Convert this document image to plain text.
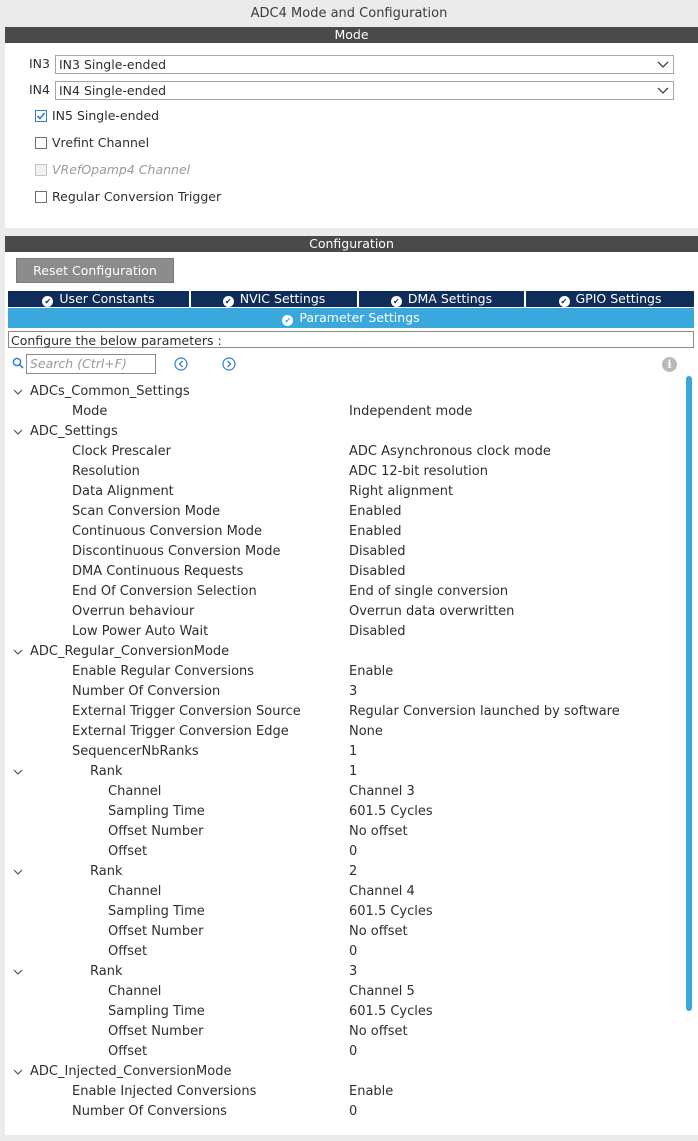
ADC4 Mode and Configuration
Mode
IN3 IN3 Single-ended
IN4 IN4 Single-ended
IN5 Single-ended
Vrefint Channel
VRefOpamp4 Channel
Regular Conversion Trigger
Configuration
Reset Configuration
✔ User Constants	✔ NVIC Settings	✔ DMA Settings	✔ GPIO Settings
✔ Parameter Settings
Configure the below parameters :
Search (Ctrl+F)	i
ADCs_Common_Settings
Mode	Independent mode
ADC_Settings
Clock Prescaler	ADC Asynchronous clock mode
Resolution	ADC 12-bit resolution
Data Alignment	Right alignment
Scan Conversion Mode	Enabled
Continuous Conversion Mode	Enabled
Discontinuous Conversion Mode	Disabled
DMA Continuous Requests	Disabled
End Of Conversion Selection	End of single conversion
Overrun behaviour	Overrun data overwritten
Low Power Auto Wait	Disabled
ADC_Regular_ConversionMode
Enable Regular Conversions	Enable
Number Of Conversion	3
External Trigger Conversion Source	Regular Conversion launched by software
External Trigger Conversion Edge	None
SequencerNbRanks	1
Rank	1
Channel	Channel 3
Sampling Time	601.5 Cycles
Offset Number	No offset
Offset	0
Rank	2
Channel	Channel 4
Sampling Time	601.5 Cycles
Offset Number	No offset
Offset	0
Rank	3
Channel	Channel 5
Sampling Time	601.5 Cycles
Offset Number	No offset
Offset	0
ADC_Injected_ConversionMode
Enable Injected Conversions	Enable
Number Of Conversions	0
